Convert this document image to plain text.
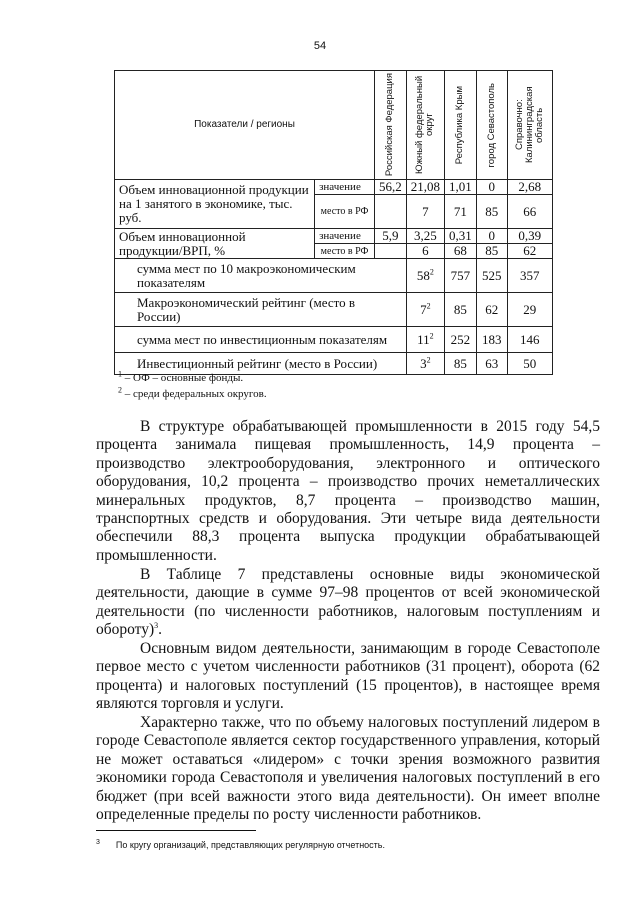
54
Показатели / регионы		Российская Федерация	Южный федеральный округ	Республика Крым	город Севастополь	Справочно: Калининградская область

Объем инновационной продукции на 1 занятого в экономике, тыс. руб.	значение	56,2	21,08	1,01	0	2,68
	место в РФ		7	71	85	66
Объем инновационной продукции/ВРП, %	значение	5,9	3,25	0,31	0	0,39
	место в РФ		6	68	85	62
сумма мест по 10 макроэкономическим показателям			$58^2$	757	525	357
Макроэкономический рейтинг (место в России)			$7^2$	85	62	29
сумма мест по инвестиционным показателям			$11^2$	252	183	146
Инвестиционный рейтинг (место в России)			$3^2$	85	63	50
$^1$ – ОФ – основные фонды.
$^2$ – среди федеральных округов.

В структуре обрабатывающей промышленности в 2015 году 54,5 процента занимала пищевая промышленность, 14,9 процента – производство электрооборудования, электронного и оптического оборудования, 10,2 процента – производство прочих неметаллических минеральных продуктов, 8,7 процента – производство машин, транспортных средств и оборудования. Эти четыре вида деятельности обеспечили 88,3 процента выпуска продукции обрабатывающей промышленности.

В Таблице 7 представлены основные виды экономической деятельности, дающие в сумме 97–98 процентов от всей экономической деятельности (по численности работников, налоговым поступлениям и обороту)$^3$.

Основным видом деятельности, занимающим в городе Севастополе первое место с учетом численности работников (31 процент), оборота (62 процента) и налоговых поступлений (15 процентов), в настоящее время являются торговля и услуги.

Характерно также, что по объему налоговых поступлений лидером в городе Севастополе является сектор государственного управления, который не может оставаться «лидером» с точки зрения возможного развития экономики города Севастополя и увеличения налоговых поступлений в его бюджет (при всей важности этого вида деятельности). Он имеет вполне определенные пределы по росту численности работников.

$^3$ По кругу организаций, представляющих регулярную отчетность.
